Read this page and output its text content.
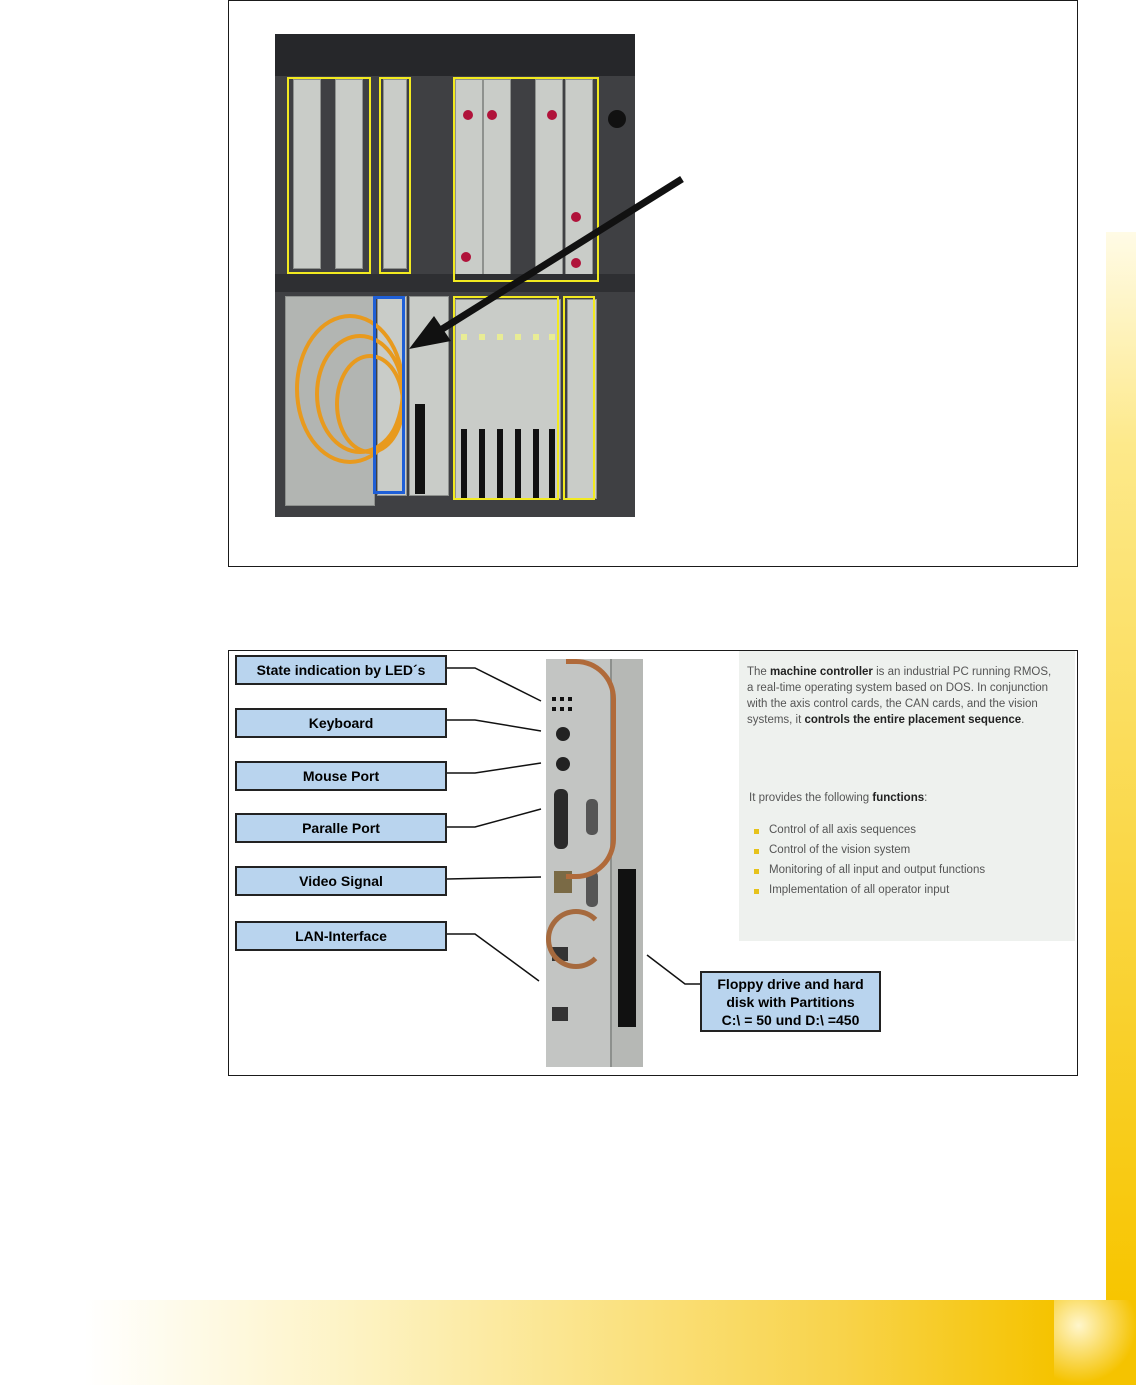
State indication by LED´s
Keyboard
Mouse Port
Paralle Port
Video Signal
LAN-Interface
Floppy drive and hard
disk with Partitions
C:\ = 50 und D:\ =450

The machine controller is an industrial PC running RMOS, a real-time operating system based on DOS. In conjunction with the axis control cards, the CAN cards, and the vision systems, it controls the entire placement sequence.

It provides the following functions:

Control of all axis sequences
Control of the vision system
Monitoring of all input and output functions
Implementation of all operator input
